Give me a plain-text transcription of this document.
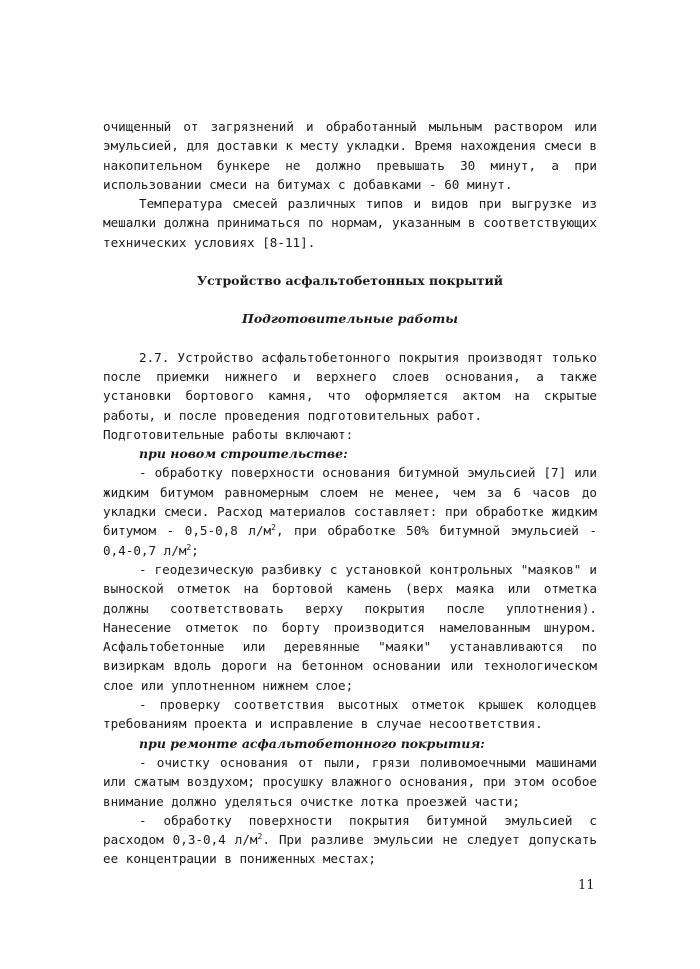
очищенный от загрязнений и обработанный мыльным раствором или эмульсией, для доставки к месту укладки. Время нахождения смеси в накопительном бункере не должно превышать 30 минут, а при использовании смеси на битумах с добавками - 60 минут.

Температура смесей различных типов и видов при выгрузке из мешалки должна приниматься по нормам, указанным в соответствующих технических условиях [8-11].

Устройство асфальтобетонных покрытий

Подготовительные работы

2.7. Устройство асфальтобетонного покрытия производят только после приемки нижнего и верхнего слоев основания, а также установки бортового камня, что оформляется актом на скрытые работы, и после проведения подготовительных работ.

Подготовительные работы включают:

при новом строительстве:

- обработку поверхности основания битумной эмульсией [7] или жидким битумом равномерным слоем не менее, чем за 6 часов до укладки смеси. Расход материалов составляет: при обработке жидким битумом - 0,5-0,8 $л/м^2$, при обработке 50% битумной эмульсией - 0,4-0,7 $л/м^2$;

- геодезическую разбивку с установкой контрольных "маяков" и выноской отметок на бортовой камень (верх маяка или отметка должны соответствовать верху покрытия после уплотнения). Нанесение отметок по борту производится намелованным шнуром. Асфальтобетонные или деревянные "маяки" устанавливаются по визиркам вдоль дороги на бетонном основании или технологическом слое или уплотненном нижнем слое;

- проверку соответствия высотных отметок крышек колодцев требованиям проекта и исправление в случае несоответствия.

при ремонте асфальтобетонного покрытия:

- очистку основания от пыли, грязи поливомоечными машинами или сжатым воздухом; просушку влажного основания, при этом особое внимание должно уделяться очистке лотка проезжей части;

- обработку поверхности покрытия битумной эмульсией с расходом 0,3-0,4 $л/м^2$. При разливе эмульсии не следует допускать ее концентрации в пониженных местах;

11
